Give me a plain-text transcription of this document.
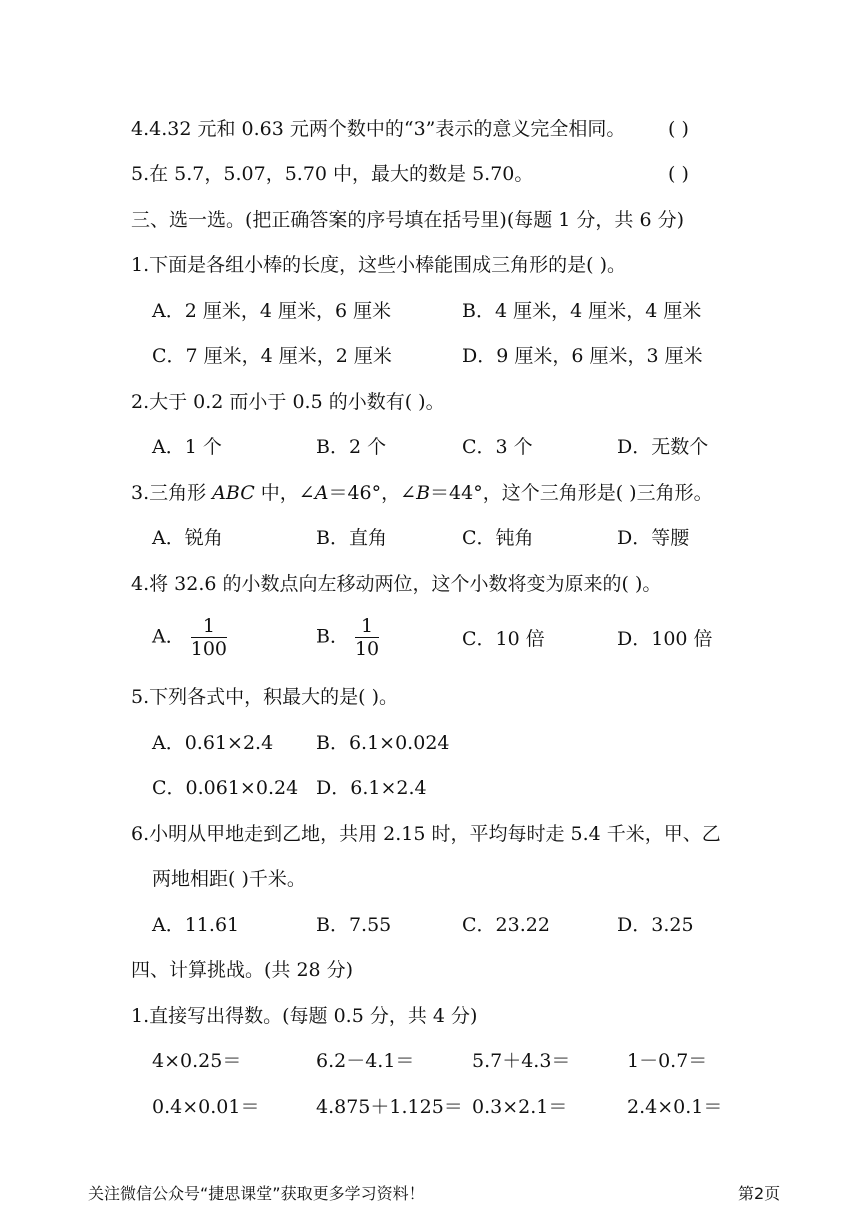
4.4.32 元和 0.63 元两个数中的“3”表示的意义完全相同。 ( )
5.在 5.7，5.07，5.70 中，最大的数是 5.70。	( )
三、选一选。(把正确答案的序号填在括号里)(每题 1 分，共 6 分)
1.下面是各组小棒的长度，这些小棒能围成三角形的是( )。
A．2 厘米，4 厘米，6 厘米	B．4 厘米，4 厘米，4 厘米
C．7 厘米，4 厘米，2 厘米	D．9 厘米，6 厘米，3 厘米
2.大于 0.2 而小于 0.5 的小数有( )。
A．1 个	B．2 个	C．3 个	D．无数个
3.三角形 ABC 中，∠A＝46°，∠B＝44°，这个三角形是( )三角形。
A．锐角	B．直角	C．钝角	D．等腰
4.将 32.6 的小数点向左移动两位，这个小数将变为原来的( )。
A． $\frac{1}{100}$	B． $\frac{1}{10}$	C．10 倍	D．100 倍
5.下列各式中，积最大的是( )。
A．0.61×2.4 B．6.1×0.024
C．0.061×0.24 D．6.1×2.4
6.小明从甲地走到乙地，共用 2.15 时，平均每时走 5.4 千米，甲、乙
两地相距( )千米。
A．11.61	B．7.55	C．23.22	D．3.25
四、计算挑战。(共 28 分)
1.直接写出得数。(每题 0.5 分，共 4 分)
4×0.25＝	6.2－4.1＝	5.7＋4.3＝	1－0.7＝
0.4×0.01＝	4.875＋1.125＝ 0.3×2.1＝	2.4×0.1＝
关注微信公众号“捷思课堂”获取更多学习资料！	第2页
